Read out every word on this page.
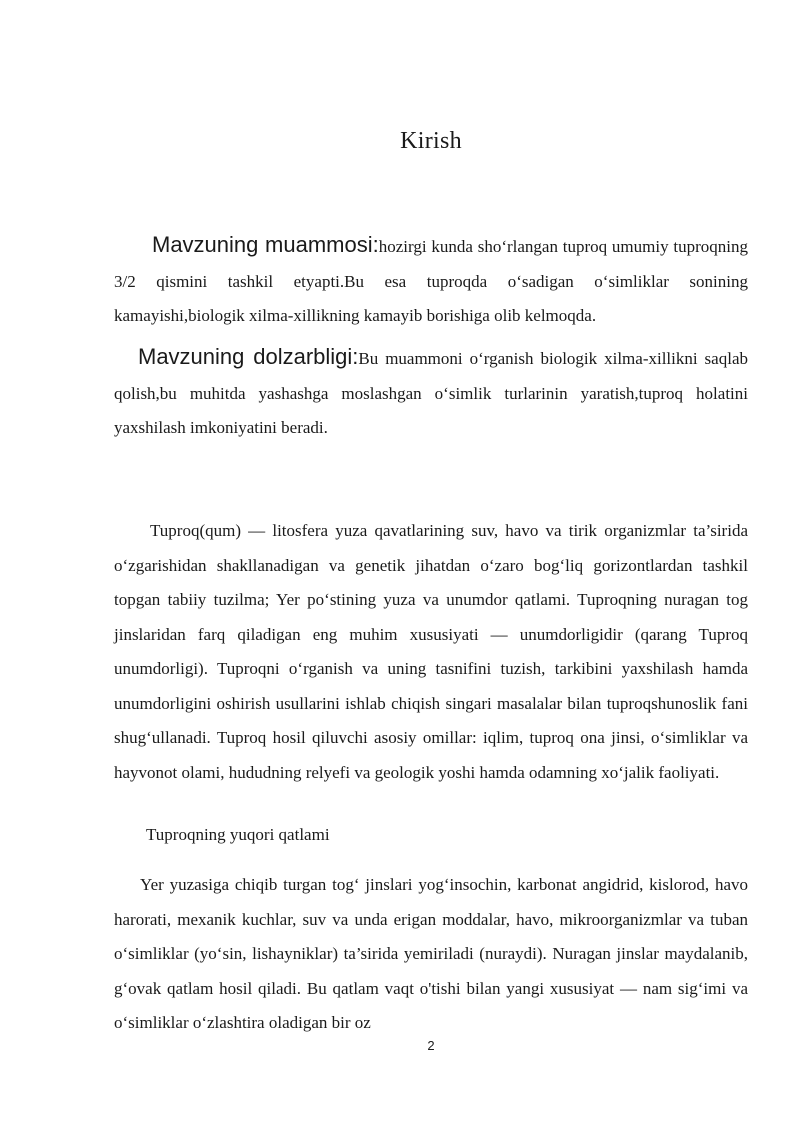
Kirish

Mavzuning muammosi:hozirgi kunda sho‘rlangan tuproq umumiy tuproqning 3/2 qismini tashkil etyapti.Bu esa tuproqda o‘sadigan o‘simliklar sonining kamayishi,biologik xilma-xillikning kamayib borishiga olib kelmoqda.

Mavzuning dolzarbligi:Bu muammoni o‘rganish biologik xilma-xillikni saqlab qolish,bu muhitda yashashga moslashgan o‘simlik turlarinin yaratish,tuproq holatini yaxshilash imkoniyatini beradi.

Tuproq(qum) — litosfera yuza qavatlarining suv, havo va tirik organizmlar ta’sirida o‘zgarishidan shakllanadigan va genetik jihatdan o‘zaro bog‘liq gorizontlardan tashkil topgan tabiiy tuzilma; Yer po‘stining yuza va unumdor qatlami. Tuproqning nuragan tog jinslaridan farq qiladigan eng muhim xususiyati — unumdorligidir (qarang Tuproq unumdorligi). Tuproqni o‘rganish va uning tasnifini tuzish, tarkibini yaxshilash hamda unumdorligini oshirish usullarini ishlab chiqish singari masalalar bilan tuproqshunoslik fani shug‘ullanadi. Tuproq hosil qiluvchi asosiy omillar: iqlim, tuproq ona jinsi, o‘simliklar va hayvonot olami, hududning relyefi va geologik yoshi hamda odamning xo‘jalik faoliyati.

Tuproqning yuqori qatlami

Yer yuzasiga chiqib turgan tog‘ jinslari yog‘insochin, karbonat angidrid, kislorod, havo harorati, mexanik kuchlar, suv va unda erigan moddalar, havo, mikroorganizmlar va tuban o‘simliklar (yo‘sin, lishayniklar) ta’sirida yemiriladi (nuraydi). Nuragan jinslar maydalanib, g‘ovak qatlam hosil qiladi. Bu qatlam vaqt o'tishi bilan yangi xususiyat — nam sig‘imi va o‘simliklar o‘zlashtira oladigan bir oz

2
